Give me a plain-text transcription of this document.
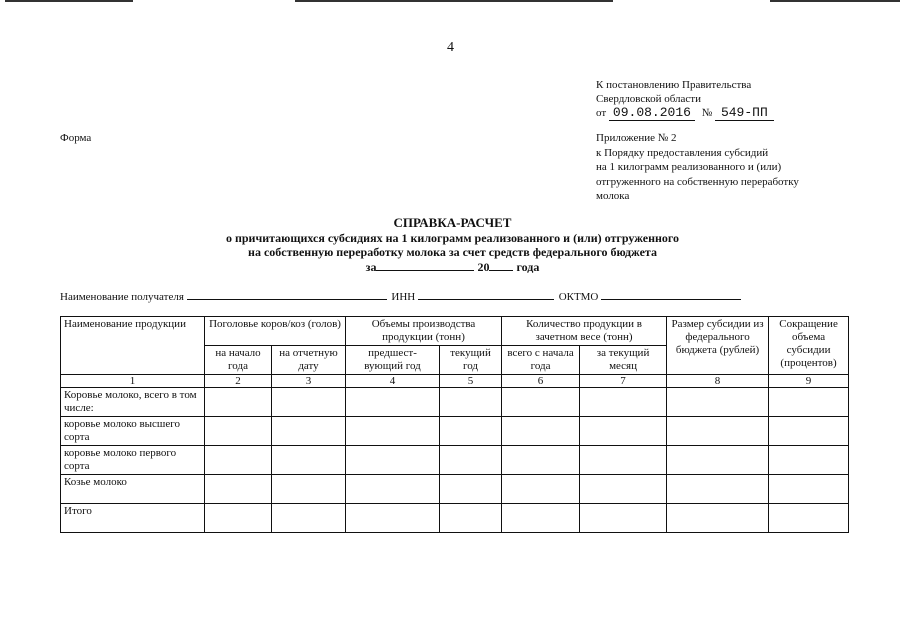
4
К постановлению Правительства
Свердловской области
от 09.08.2016 № 549-ПП
Форма	Приложение № 2
к Порядку предоставления субсидий
на 1 килограмм реализованного и (или)
отгруженного на собственную переработку
молока
СПРАВКА-РАСЧЕТ
о причитающихся субсидиях на 1 килограмм реализованного и (или) отгруженного
на собственную переработку молока за счет средств федерального бюджета
за	20 года
Наименование получателя	ИНН	ОКТМО
Наименование продукции	Поголовье коров/коз (голов)		Объемы производства продукции (тонн)		Количество продукции в зачетном весе (тонн)		Размер субсидии из федерального бюджета (рублей)	Сокращение объема субсидии (процентов)
	на начало года	на отчетную дату	предшест-вующий год	текущий год	всего с начала года	за текущий месяц		
1	2	3	4	5	6	7	8	9
Коровье молоко, всего в том числе:								
коровье молоко высшего сорта								
коровье молоко первого сорта								
Козье молоко								
Итого								
